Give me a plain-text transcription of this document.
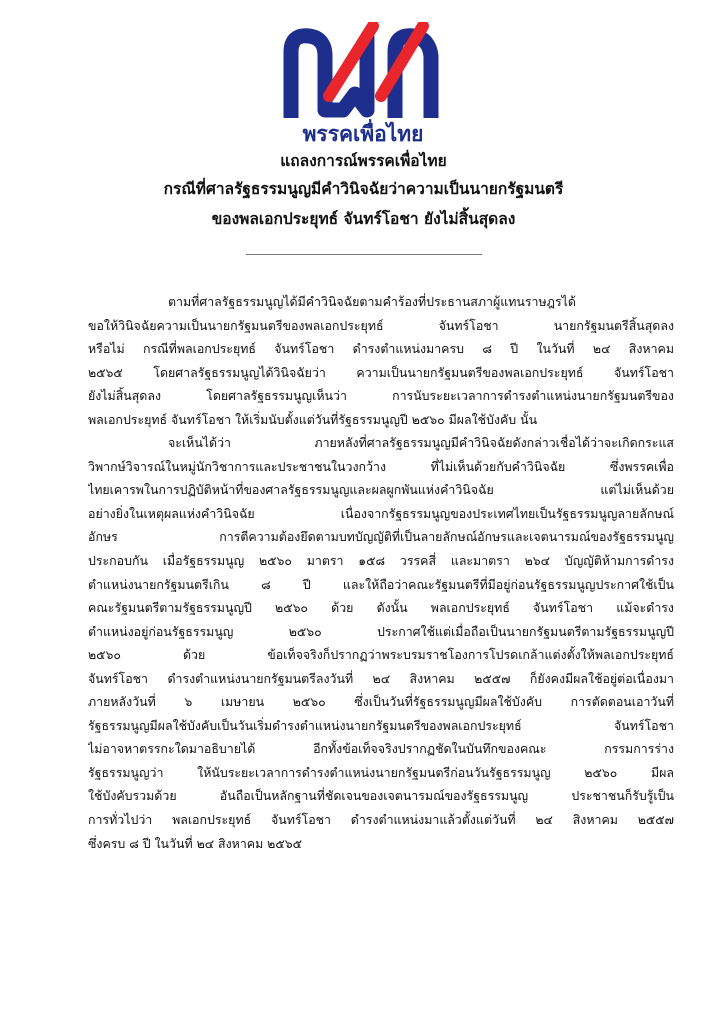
พรรคเพื่อไทย
แถลงการณ์พรรคเพื่อไทย
กรณีที่ศาลรัฐธรรมนูญมีคำวินิจฉัยว่าความเป็นนายกรัฐมนตรี
ของพลเอกประยุทธ์ จันทร์โอชา ยังไม่สิ้นสุดลง
ตามที่ศาลรัฐธรรมนูญได้มีคำวินิจฉัยตามคำร้องที่ประธานสภาผู้แทนราษฎรได้
ขอให้วินิจฉัยความเป็นนายกรัฐมนตรีของพลเอกประยุทธ์ จันทร์โอชา นายกรัฐมนตรีสิ้นสุดลง
หรือไม่ กรณีที่พลเอกประยุทธ์ จันทร์โอชา ดำรงตำแหน่งมาครบ ๘ ปี ในวันที่ ๒๔ สิงหาคม
๒๕๖๕ โดยศาลรัฐธรรมนูญได้วินิจฉัยว่า ความเป็นนายกรัฐมนตรีของพลเอกประยุทธ์ จันทร์โอชา
ยังไม่สิ้นสุดลง โดยศาลรัฐธรรมนูญเห็นว่า การนับระยะเวลาการดำรงตำแหน่งนายกรัฐมนตรีของ
พลเอกประยุทธ์ จันทร์โอชา ให้เริ่มนับตั้งแต่วันที่รัฐธรรมนูญปี ๒๕๖๐ มีผลใช้บังคับ นั้น
จะเห็นได้ว่า ภายหลังที่ศาลรัฐธรรมนูญมีคำวินิจฉัยดังกล่าวเชื่อได้ว่าจะเกิดกระแส
วิพากษ์วิจารณ์ในหมู่นักวิชาการและประชาชนในวงกว้าง ที่ไม่เห็นด้วยกับคำวินิจฉัย ซึ่งพรรคเพื่อ
ไทยเคารพในการปฏิบัติหน้าที่ของศาลรัฐธรรมนูญและผลผูกพันแห่งคำวินิจฉัย แต่ไม่เห็นด้วย
อย่างยิ่งในเหตุผลแห่งคำวินิจฉัย เนื่องจากรัฐธรรมนูญของประเทศไทยเป็นรัฐธรรมนูญลายลักษณ์
อักษร การตีความต้องยึดตามบทบัญญัติที่เป็นลายลักษณ์อักษรและเจตนารมณ์ของรัฐธรรมนูญ
ประกอบกัน เมื่อรัฐธรรมนูญ ๒๕๖๐ มาตรา ๑๕๘ วรรคสี่ และมาตรา ๒๖๔ บัญญัติห้ามการดำรง
ตำแหน่งนายกรัฐมนตรีเกิน ๘ ปี และให้ถือว่าคณะรัฐมนตรีที่มีอยู่ก่อนรัฐธรรมนูญประกาศใช้เป็น
คณะรัฐมนตรีตามรัฐธรรมนูญปี ๒๕๖๐ ด้วย ดังนั้น พลเอกประยุทธ์ จันทร์โอชา แม้จะดำรง
ตำแหน่งอยู่ก่อนรัฐธรรมนูญ ๒๕๖๐ ประกาศใช้แต่เมื่อถือเป็นนายกรัฐมนตรีตามรัฐธรรมนูญปี
๒๕๖๐ ด้วย ข้อเท็จจริงก็ปรากฏว่าพระบรมราชโองการโปรดเกล้าแต่งตั้งให้พลเอกประยุทธ์
จันทร์โอชา ดำรงตำแหน่งนายกรัฐมนตรีลงวันที่ ๒๔ สิงหาคม ๒๕๕๗ ก็ยังคงมีผลใช้อยู่ต่อเนื่องมา
ภายหลังวันที่ ๖ เมษายน ๒๕๖๐ ซึ่งเป็นวันที่รัฐธรรมนูญมีผลใช้บังคับ การตัดตอนเอาวันที่
รัฐธรรมนูญมีผลใช้บังคับเป็นวันเริ่มดำรงตำแหน่งนายกรัฐมนตรีของพลเอกประยุทธ์ จันทร์โอชา
ไม่อาจหาตรรกะใดมาอธิบายได้ อีกทั้งข้อเท็จจริงปรากฏชัดในบันทึกของคณะ กรรมการร่าง
รัฐธรรมนูญว่า ให้นับระยะเวลาการดำรงตำแหน่งนายกรัฐมนตรีก่อนวันรัฐธรรมนูญ ๒๕๖๐ มีผล
ใช้บังคับรวมด้วย อันถือเป็นหลักฐานที่ชัดเจนของเจตนารมณ์ของรัฐธรรมนูญ ประชาชนก็รับรู้เป็น
การทั่วไปว่า พลเอกประยุทธ์ จันทร์โอชา ดำรงตำแหน่งมาแล้วตั้งแต่วันที่ ๒๔ สิงหาคม ๒๕๕๗
ซึ่งครบ ๘ ปี ในวันที่ ๒๔ สิงหาคม ๒๕๖๕
